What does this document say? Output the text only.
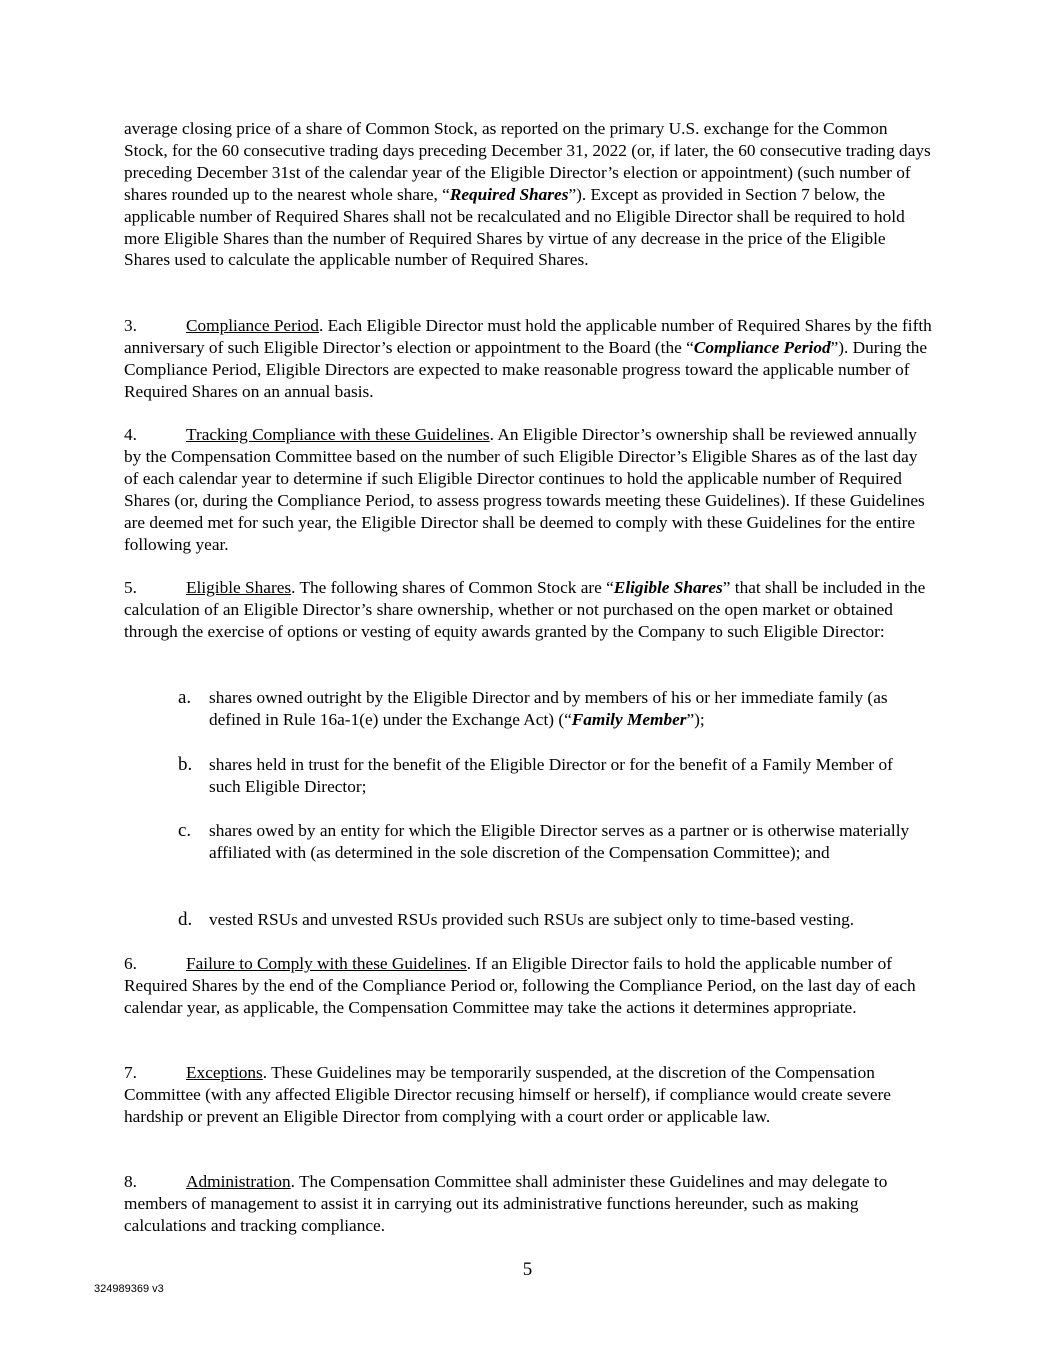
average closing price of a share of Common Stock, as reported on the primary U.S. exchange for the Common Stock, for the 60 consecutive trading days preceding December 31, 2022 (or, if later, the 60 consecutive trading days preceding December 31st of the calendar year of the Eligible Director’s election or appointment) (such number of shares rounded up to the nearest whole share, “Required Shares”). Except as provided in Section 7 below, the applicable number of Required Shares shall not be recalculated and no Eligible Director shall be required to hold more Eligible Shares than the number of Required Shares by virtue of any decrease in the price of the Eligible Shares used to calculate the applicable number of Required Shares.

3.	Compliance Period. Each Eligible Director must hold the applicable number of Required Shares by the fifth anniversary of such Eligible Director’s election or appointment to the Board (the “Compliance Period”). During the Compliance Period, Eligible Directors are expected to make reasonable progress toward the applicable number of Required Shares on an annual basis.

4.	Tracking Compliance with these Guidelines. An Eligible Director’s ownership shall be reviewed annually by the Compensation Committee based on the number of such Eligible Director’s Eligible Shares as of the last day of each calendar year to determine if such Eligible Director continues to hold the applicable number of Required Shares (or, during the Compliance Period, to assess progress towards meeting these Guidelines). If these Guidelines are deemed met for such year, the Eligible Director shall be deemed to comply with these Guidelines for the entire following year.

5.	Eligible Shares. The following shares of Common Stock are “Eligible Shares” that shall be included in the calculation of an Eligible Director’s share ownership, whether or not purchased on the open market or obtained through the exercise of options or vesting of equity awards granted by the Company to such Eligible Director:

a. shares owned outright by the Eligible Director and by members of his or her immediate family (as defined in Rule 16a-1(e) under the Exchange Act) (“Family Member”);
b. shares held in trust for the benefit of the Eligible Director or for the benefit of a Family Member of such Eligible Director;
c. shares owed by an entity for which the Eligible Director serves as a partner or is otherwise materially affiliated with (as determined in the sole discretion of the Compensation Committee); and
d. vested RSUs and unvested RSUs provided such RSUs are subject only to time-based vesting.

6.	Failure to Comply with these Guidelines. If an Eligible Director fails to hold the applicable number of Required Shares by the end of the Compliance Period or, following the Compliance Period, on the last day of each calendar year, as applicable, the Compensation Committee may take the actions it determines appropriate.

7.	Exceptions. These Guidelines may be temporarily suspended, at the discretion of the Compensation Committee (with any affected Eligible Director recusing himself or herself), if compliance would create severe hardship or prevent an Eligible Director from complying with a court order or applicable law.

8.	Administration. The Compensation Committee shall administer these Guidelines and may delegate to members of management to assist it in carrying out its administrative functions hereunder, such as making calculations and tracking compliance.

5
324989369 v3
